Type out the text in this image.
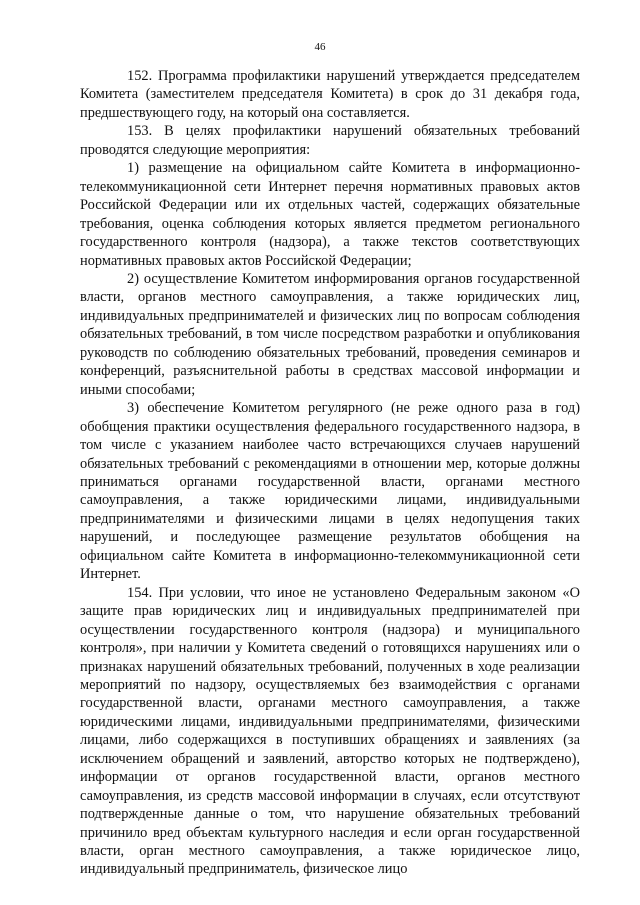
46

152. Программа профилактики нарушений утверждается председателем Комитета (заместителем председателя Комитета) в срок до 31 декабря года, предшествующего году, на который она составляется.

153. В целях профилактики нарушений обязательных требований проводятся следующие мероприятия:

1) размещение на официальном сайте Комитета в информационно-телекоммуникационной сети Интернет перечня нормативных правовых актов Российской Федерации или их отдельных частей, содержащих обязательные требования, оценка соблюдения которых является предметом регионального государственного контроля (надзора), а также текстов соответствующих нормативных правовых актов Российской Федерации;

2) осуществление Комитетом информирования органов государственной власти, органов местного самоуправления, а также юридических лиц, индивидуальных предпринимателей и физических лиц по вопросам соблюдения обязательных требований, в том числе посредством разработки и опубликования руководств по соблюдению обязательных требований, проведения семинаров и конференций, разъяснительной работы в средствах массовой информации и иными способами;

3) обеспечение Комитетом регулярного (не реже одного раза в год) обобщения практики осуществления федерального государственного надзора, в том числе с указанием наиболее часто встречающихся случаев нарушений обязательных требований с рекомендациями в отношении мер, которые должны приниматься органами государственной власти, органами местного самоуправления, а также юридическими лицами, индивидуальными предпринимателями и физическими лицами в целях недопущения таких нарушений, и последующее размещение результатов обобщения на официальном сайте Комитета в информационно-телекоммуникационной сети Интернет.

154. При условии, что иное не установлено Федеральным законом «О защите прав юридических лиц и индивидуальных предпринимателей при осуществлении государственного контроля (надзора) и муниципального контроля», при наличии у Комитета сведений о готовящихся нарушениях или о признаках нарушений обязательных требований, полученных в ходе реализации мероприятий по надзору, осуществляемых без взаимодействия с органами государственной власти, органами местного самоуправления, а также юридическими лицами, индивидуальными предпринимателями, физическими лицами, либо содержащихся в поступивших обращениях и заявлениях (за исключением обращений и заявлений, авторство которых не подтверждено), информации от органов государственной власти, органов местного самоуправления, из средств массовой информации в случаях, если отсутствуют подтвержденные данные о том, что нарушение обязательных требований причинило вред объектам культурного наследия и если орган государственной власти, орган местного самоуправления, а также юридическое лицо, индивидуальный предприниматель, физическое лицо
